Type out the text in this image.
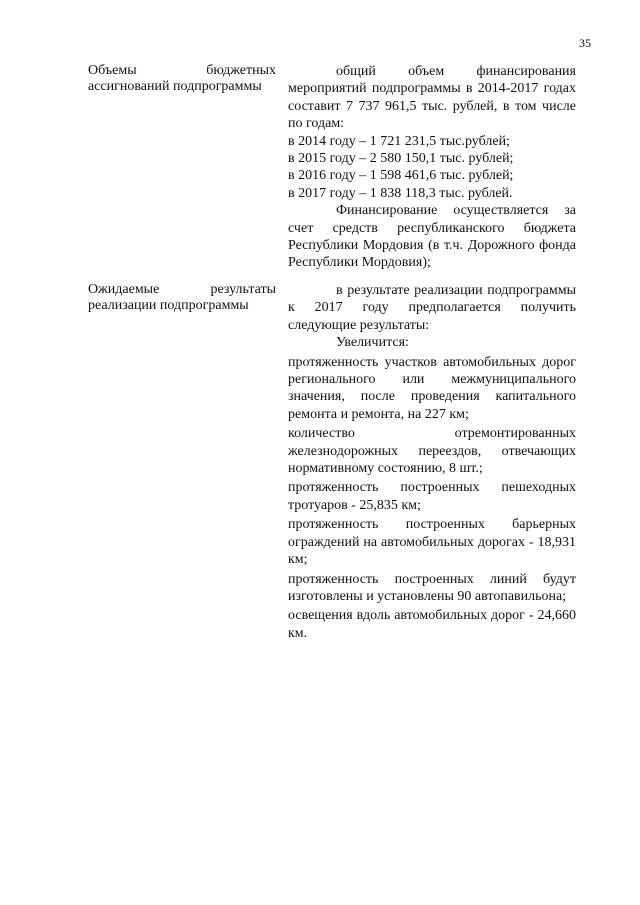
35
Объемы бюджетных ассигнований подпрограммы

общий объем финансирования мероприятий подпрограммы в 2014-2017 годах составит 7 737 961,5 тыс. рублей, в том числе по годам:

в 2014 году – 1 721 231,5 тыс.рублей;

в 2015 году – 2 580 150,1 тыс. рублей;

в 2016 году – 1 598 461,6 тыс. рублей;

в 2017 году – 1 838 118,3 тыс. рублей.

Финансирование осуществляется за счет средств республиканского бюджета Республики Мордовия (в т.ч. Дорожного фонда Республики Мордовия);

Ожидаемые результаты реализации подпрограммы

в результате реализации подпрограммы к 2017 году предполагается получить следующие результаты:

Увеличится:

протяженность участков автомобильных дорог регионального или межмуниципального значения, после проведения капитального ремонта и ремонта, на 227 км;

количество отремонтированных железнодорожных переездов, отвечающих нормативному состоянию, 8 шт.;

протяженность построенных пешеходных тротуаров - 25,835 км;

протяженность построенных барьерных ограждений на автомобильных дорогах - 18,931 км;

протяженность построенных линий будут изготовлены и установлены 90 автопавильона;

освещения вдоль автомобильных дорог - 24,660 км.
